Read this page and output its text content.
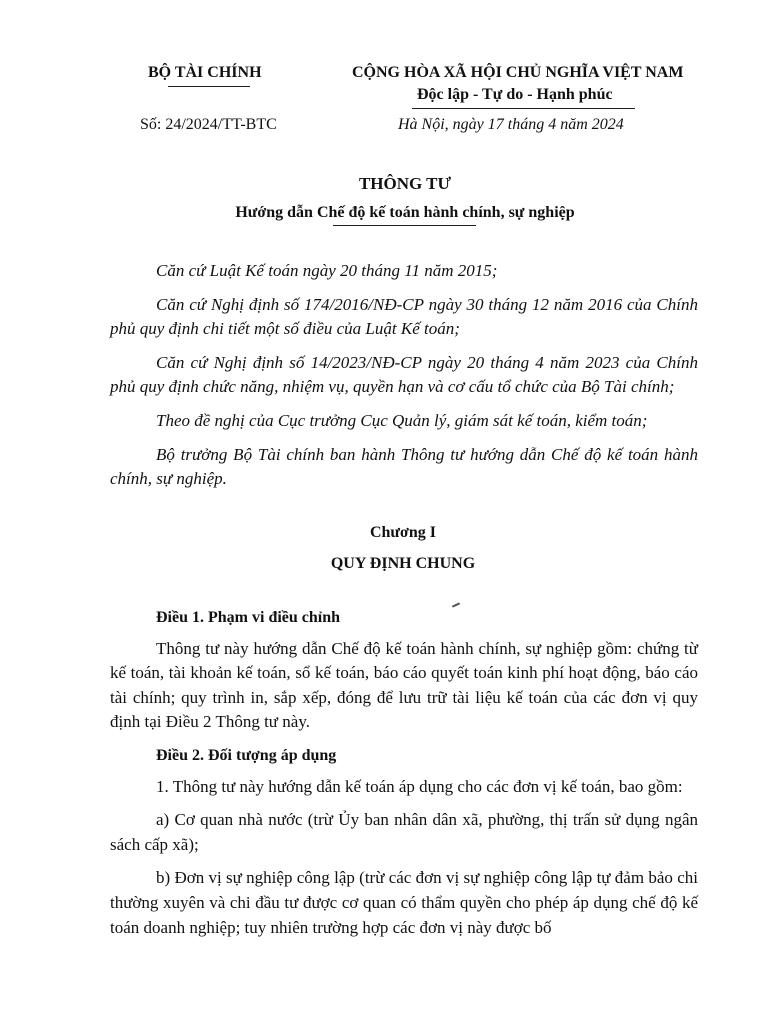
BỘ TÀI CHÍNH	CỘNG HÒA XÃ HỘI CHỦ NGHĨA VIỆT NAM
Độc lập - Tự do - Hạnh phúc
Số: 24/2024/TT-BTC	Hà Nội, ngày 17 tháng 4 năm 2024
THÔNG TƯ
Hướng dẫn Chế độ kế toán hành chính, sự nghiệp

Căn cứ Luật Kế toán ngày 20 tháng 11 năm 2015;

Căn cứ Nghị định số 174/2016/NĐ-CP ngày 30 tháng 12 năm 2016 của Chính phủ quy định chi tiết một số điều của Luật Kế toán;

Căn cứ Nghị định số 14/2023/NĐ-CP ngày 20 tháng 4 năm 2023 của Chính phủ quy định chức năng, nhiệm vụ, quyền hạn và cơ cấu tổ chức của Bộ Tài chính;

Theo đề nghị của Cục trưởng Cục Quản lý, giám sát kế toán, kiểm toán;

Bộ trưởng Bộ Tài chính ban hành Thông tư hướng dẫn Chế độ kế toán hành chính, sự nghiệp.

Chương I
QUY ĐỊNH CHUNG

Điều 1. Phạm vi điều chỉnh

Thông tư này hướng dẫn Chế độ kế toán hành chính, sự nghiệp gồm: chứng từ kế toán, tài khoản kế toán, sổ kế toán, báo cáo quyết toán kinh phí hoạt động, báo cáo tài chính; quy trình in, sắp xếp, đóng để lưu trữ tài liệu kế toán của các đơn vị quy định tại Điều 2 Thông tư này.

Điều 2. Đối tượng áp dụng

1. Thông tư này hướng dẫn kế toán áp dụng cho các đơn vị kế toán, bao gồm:

a) Cơ quan nhà nước (trừ Ủy ban nhân dân xã, phường, thị trấn sử dụng ngân sách cấp xã);

b) Đơn vị sự nghiệp công lập (trừ các đơn vị sự nghiệp công lập tự đảm bảo chi thường xuyên và chi đầu tư được cơ quan có thẩm quyền cho phép áp dụng chế độ kế toán doanh nghiệp; tuy nhiên trường hợp các đơn vị này được bố
